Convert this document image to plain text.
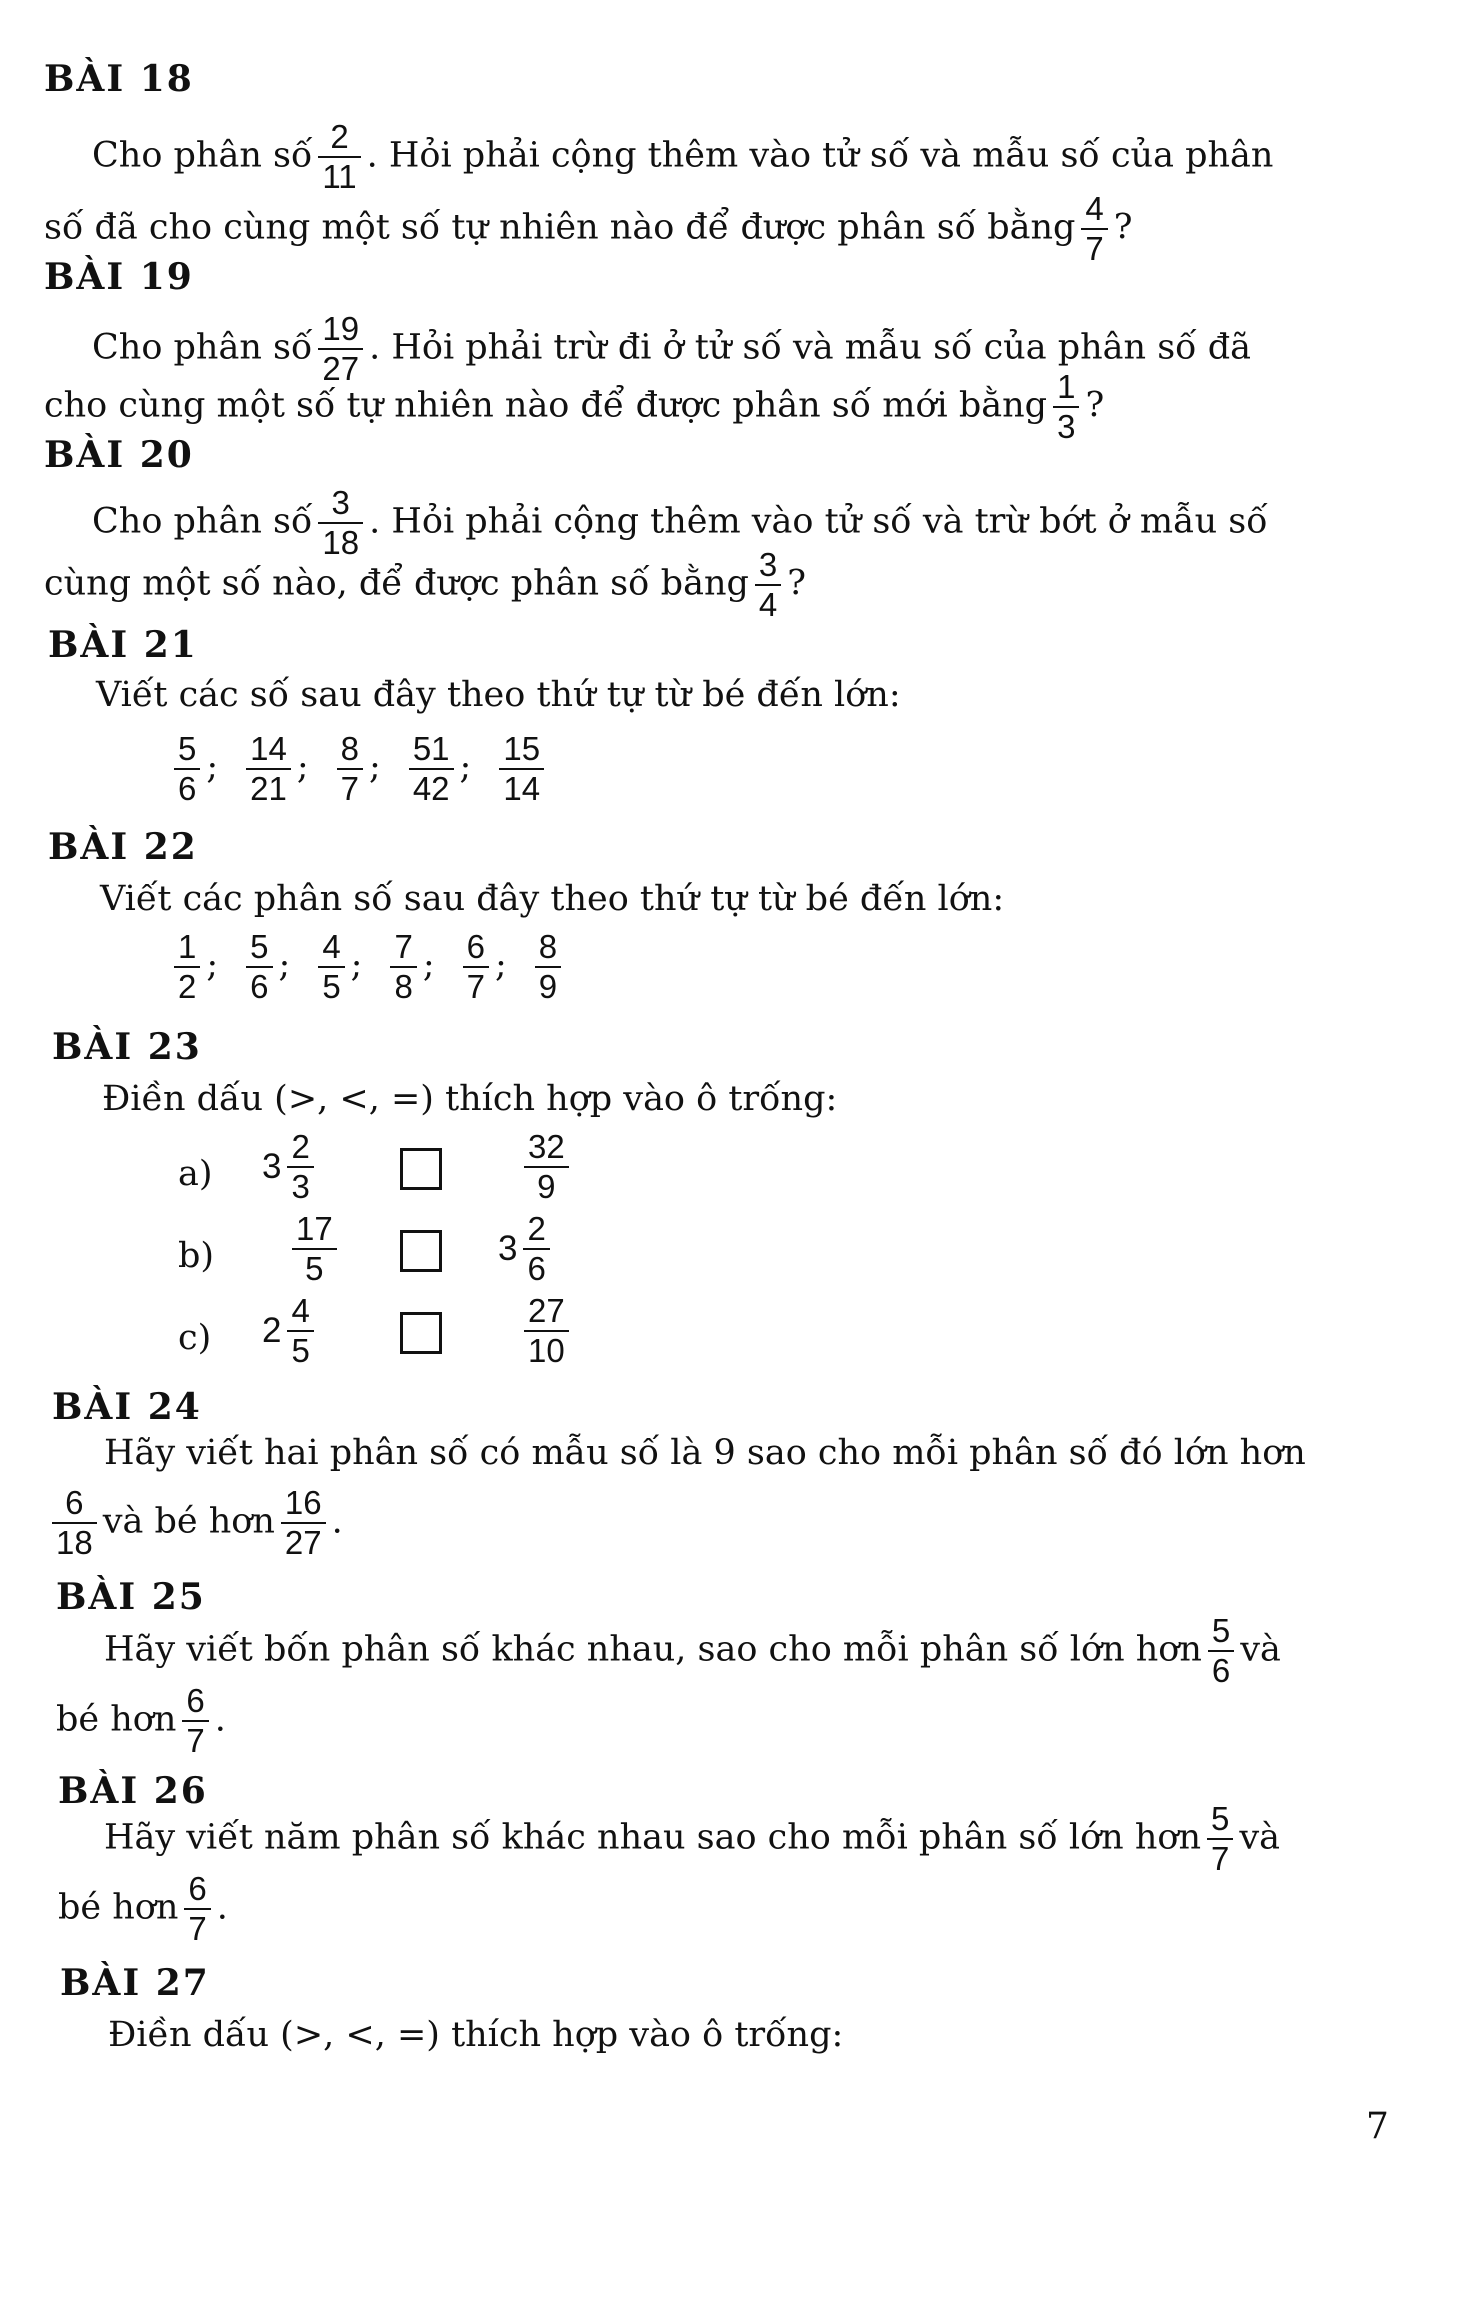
BÀI 18
Cho phân số $\frac{2}{11}$ . Hỏi phải cộng thêm vào tử số và mẫu số của phân
số đã cho cùng một số tự nhiên nào để được phân số bằng $\frac{4}{7}$ ?
BÀI 19
Cho phân số $\frac{19}{27}$ . Hỏi phải trừ đi ở tử số và mẫu số của phân số đã
cho cùng một số tự nhiên nào để được phân số mới bằng $\frac{1}{3}$ ?
BÀI 20
Cho phân số $\frac{3}{18}$ . Hỏi phải cộng thêm vào tử số và trừ bớt ở mẫu số
cùng một số nào, để được phân số bằng $\frac{3}{4}$ ?
BÀI 21
Viết các số sau đây theo thứ tự từ bé đến lớn:
$\frac{5}{6}$ ; $\frac{14}{21}$ ; $\frac{8}{7}$ ; $\frac{51}{42}$ ; $\frac{15}{14}$
BÀI 22
Viết các phân số sau đây theo thứ tự từ bé đến lớn:
$\frac{1}{2}$ ; $\frac{5}{6}$ ; $\frac{4}{5}$ ; $\frac{7}{8}$ ; $\frac{6}{7}$ ; $\frac{8}{9}$
BÀI 23
Điền dấu (>, <, =) thích hợp vào ô trống:
a) $3 \frac{2}{3}$	$\frac{32}{9}$
$b) \frac{17}{5}$	$3 \frac{2}{6}$
c) $2 \frac{4}{5}$	$\frac{27}{10}$
BÀI 24
Hãy viết hai phân số có mẫu số là 9 sao cho mỗi phân số đó lớn hơn
$\frac{6}{18}$ và bé hơn $\frac{16}{27}$ .
BÀI 25
Hãy viết bốn phân số khác nhau, sao cho mỗi phân số lớn hơn $\frac{5}{6}$ và
bé hơn $\frac{6}{7}$ .
BÀI 26
Hãy viết năm phân số khác nhau sao cho mỗi phân số lớn hơn $\frac{5}{7}$ và
bé hơn $\frac{6}{7}$ .
BÀI 27
Điền dấu (>, <, =) thích hợp vào ô trống:
7
